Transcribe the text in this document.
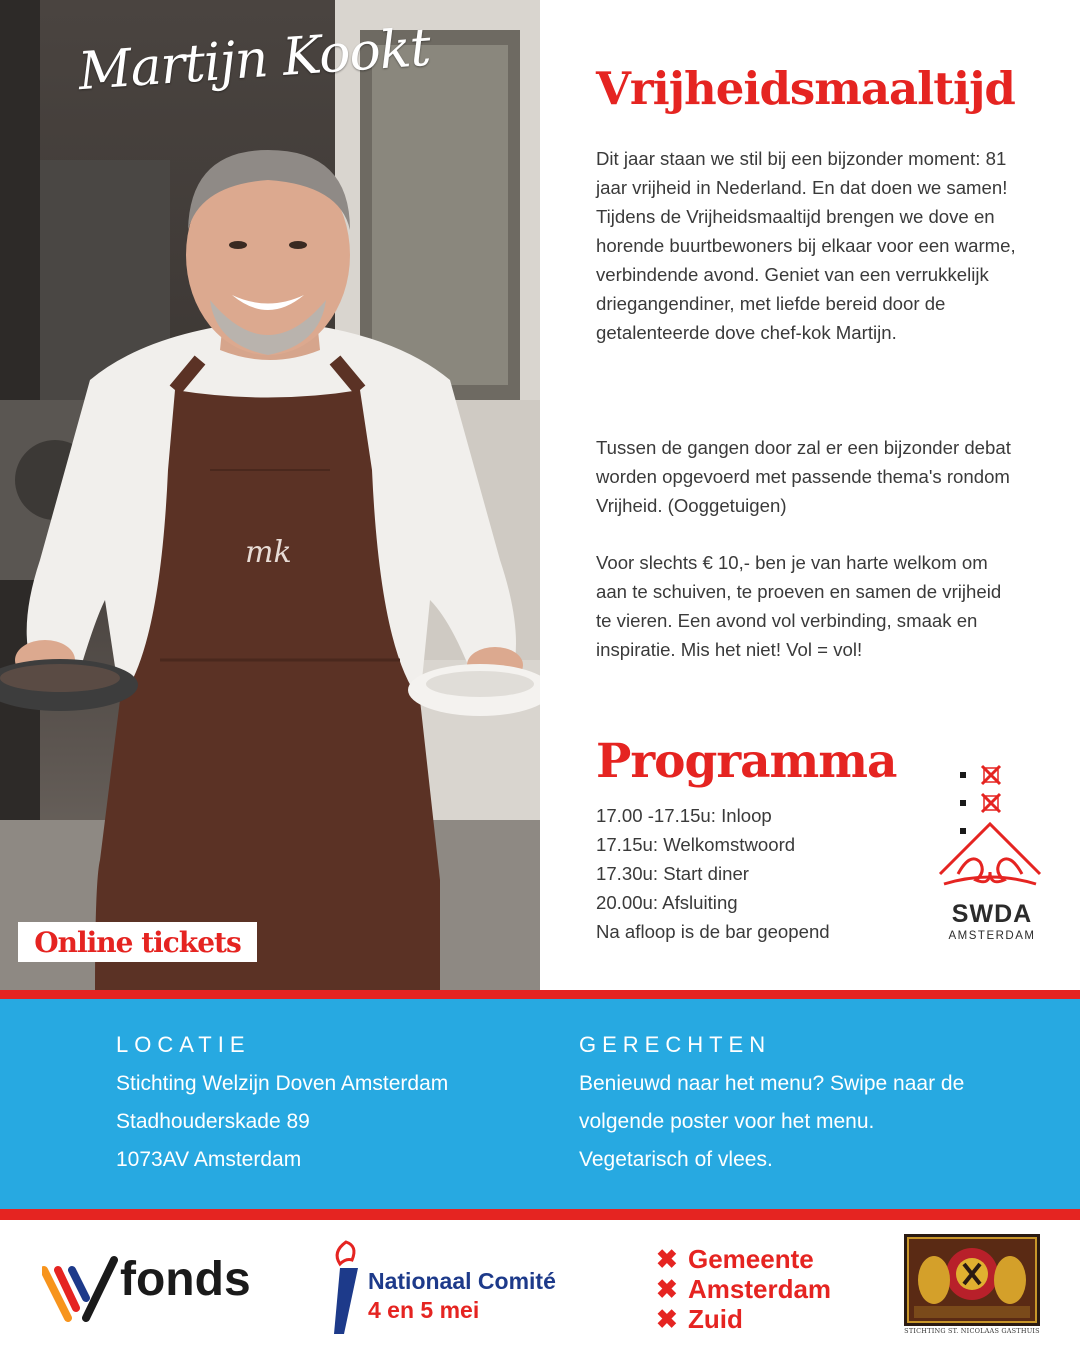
Martijn Kookt
mk
Online tickets
Vrijheidsmaaltijd

Dit jaar staan we stil bij een bijzonder moment: 81 jaar vrijheid in Nederland. En dat doen we samen! Tijdens de Vrijheidsmaaltijd brengen we dove en horende buurtbewoners bij elkaar voor een warme, verbindende avond. Geniet van een verrukkelijk driegangendiner, met liefde bereid door de getalenteerde dove chef-kok Martijn.

Tussen de gangen door zal er een bijzonder debat worden opgevoerd met passende thema's rondom Vrijheid. (Ooggetuigen)

Voor slechts € 10,- ben je van harte welkom om aan te schuiven, te proeven en samen de vrijheid te vieren. Een avond vol verbinding, smaak en inspiratie. Mis het niet! Vol = vol!

Programma
17.00 -17.15u: Inloop
17.15u: Welkomstwoord
17.30u: Start diner
20.00u: Afsluiting
Na afloop is de bar geopend
SWDA
AMSTERDAM
LOCATIE
Stichting Welzijn Doven Amsterdam
Stadhouderskade 89
1073AV Amsterdam
GERECHTEN
Benieuwd naar het menu? Swipe naar de volgende poster voor het menu. Vegetarisch of vlees.
fonds	Nationaal Comité
4 en 5 mei
✖ Gemeente
✖ Amsterdam
✖ Zuid	STICHTING ST. NICOLAAS GASTHUIS
